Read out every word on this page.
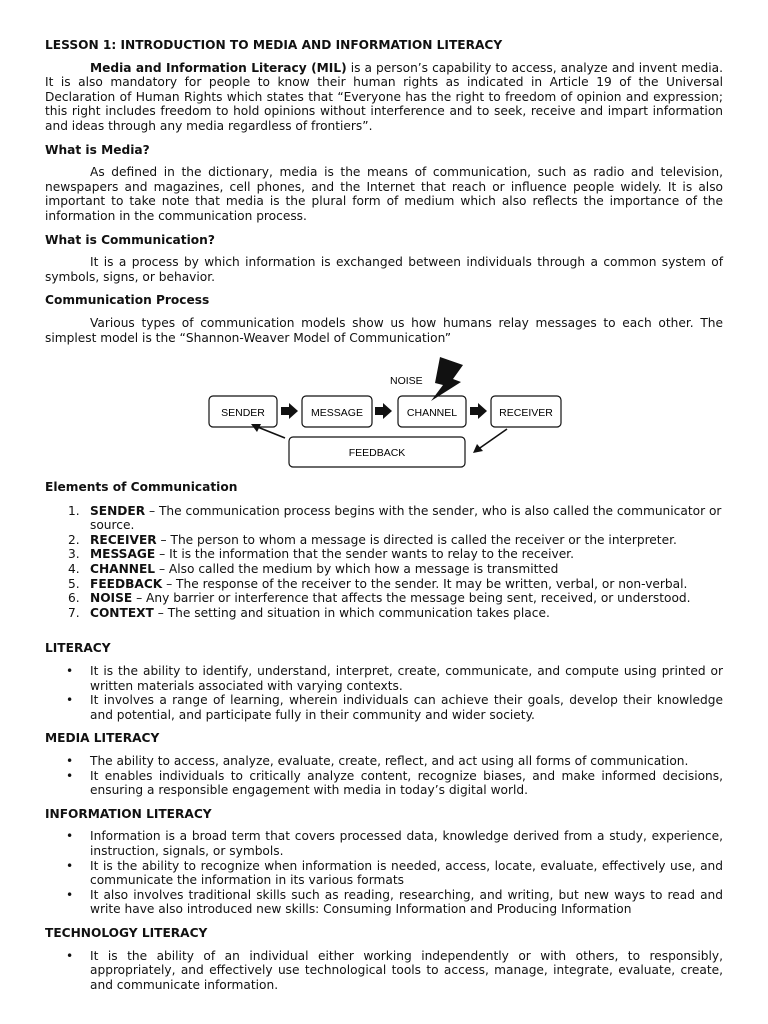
LESSON 1: INTRODUCTION TO MEDIA AND INFORMATION LITERACY

Media and Information Literacy (MIL) is a person’s capability to access, analyze and invent media. It is also mandatory for people to know their human rights as indicated in Article 19 of the Universal Declaration of Human Rights which states that “Everyone has the right to freedom of opinion and expression; this right includes freedom to hold opinions without interference and to seek, receive and impart information and ideas through any media regardless of frontiers”.

What is Media?

As defined in the dictionary, media is the means of communication, such as radio and television, newspapers and magazines, cell phones, and the Internet that reach or influence people widely. It is also important to take note that media is the plural form of medium which also reflects the importance of the information in the communication process.

What is Communication?

It is a process by which information is exchanged between individuals through a common system of symbols, signs, or behavior.

Communication Process

Various types of communication models show us how humans relay messages to each other. The simplest model is the “Shannon-Weaver Model of Communication”

SENDER	MESSAGE	CHANNEL	RECEIVER
FEEDBACK
NOISE
Elements of Communication
1. SENDER – The communication process begins with the sender, who is also called the communicator or source.
2. RECEIVER – The person to whom a message is directed is called the receiver or the interpreter.
3. MESSAGE – It is the information that the sender wants to relay to the receiver.
4. CHANNEL – Also called the medium by which how a message is transmitted
5. FEEDBACK – The response of the receiver to the sender. It may be written, verbal, or non-verbal.
6. NOISE – Any barrier or interference that affects the message being sent, received, or understood.
7. CONTEXT – The setting and situation in which communication takes place.
LITERACY
• It is the ability to identify, understand, interpret, create, communicate, and compute using printed or written materials associated with varying contexts.
• It involves a range of learning, wherein individuals can achieve their goals, develop their knowledge and potential, and participate fully in their community and wider society.
MEDIA LITERACY
• The ability to access, analyze, evaluate, create, reflect, and act using all forms of communication.
• It enables individuals to critically analyze content, recognize biases, and make informed decisions, ensuring a responsible engagement with media in today’s digital world.
INFORMATION LITERACY
• Information is a broad term that covers processed data, knowledge derived from a study, experience, instruction, signals, or symbols.
• It is the ability to recognize when information is needed, access, locate, evaluate, effectively use, and communicate the information in its various formats
• It also involves traditional skills such as reading, researching, and writing, but new ways to read and write have also introduced new skills: Consuming Information and Producing Information
TECHNOLOGY LITERACY
• It is the ability of an individual either working independently or with others, to responsibly, appropriately, and effectively use technological tools to access, manage, integrate, evaluate, create, and communicate information.
